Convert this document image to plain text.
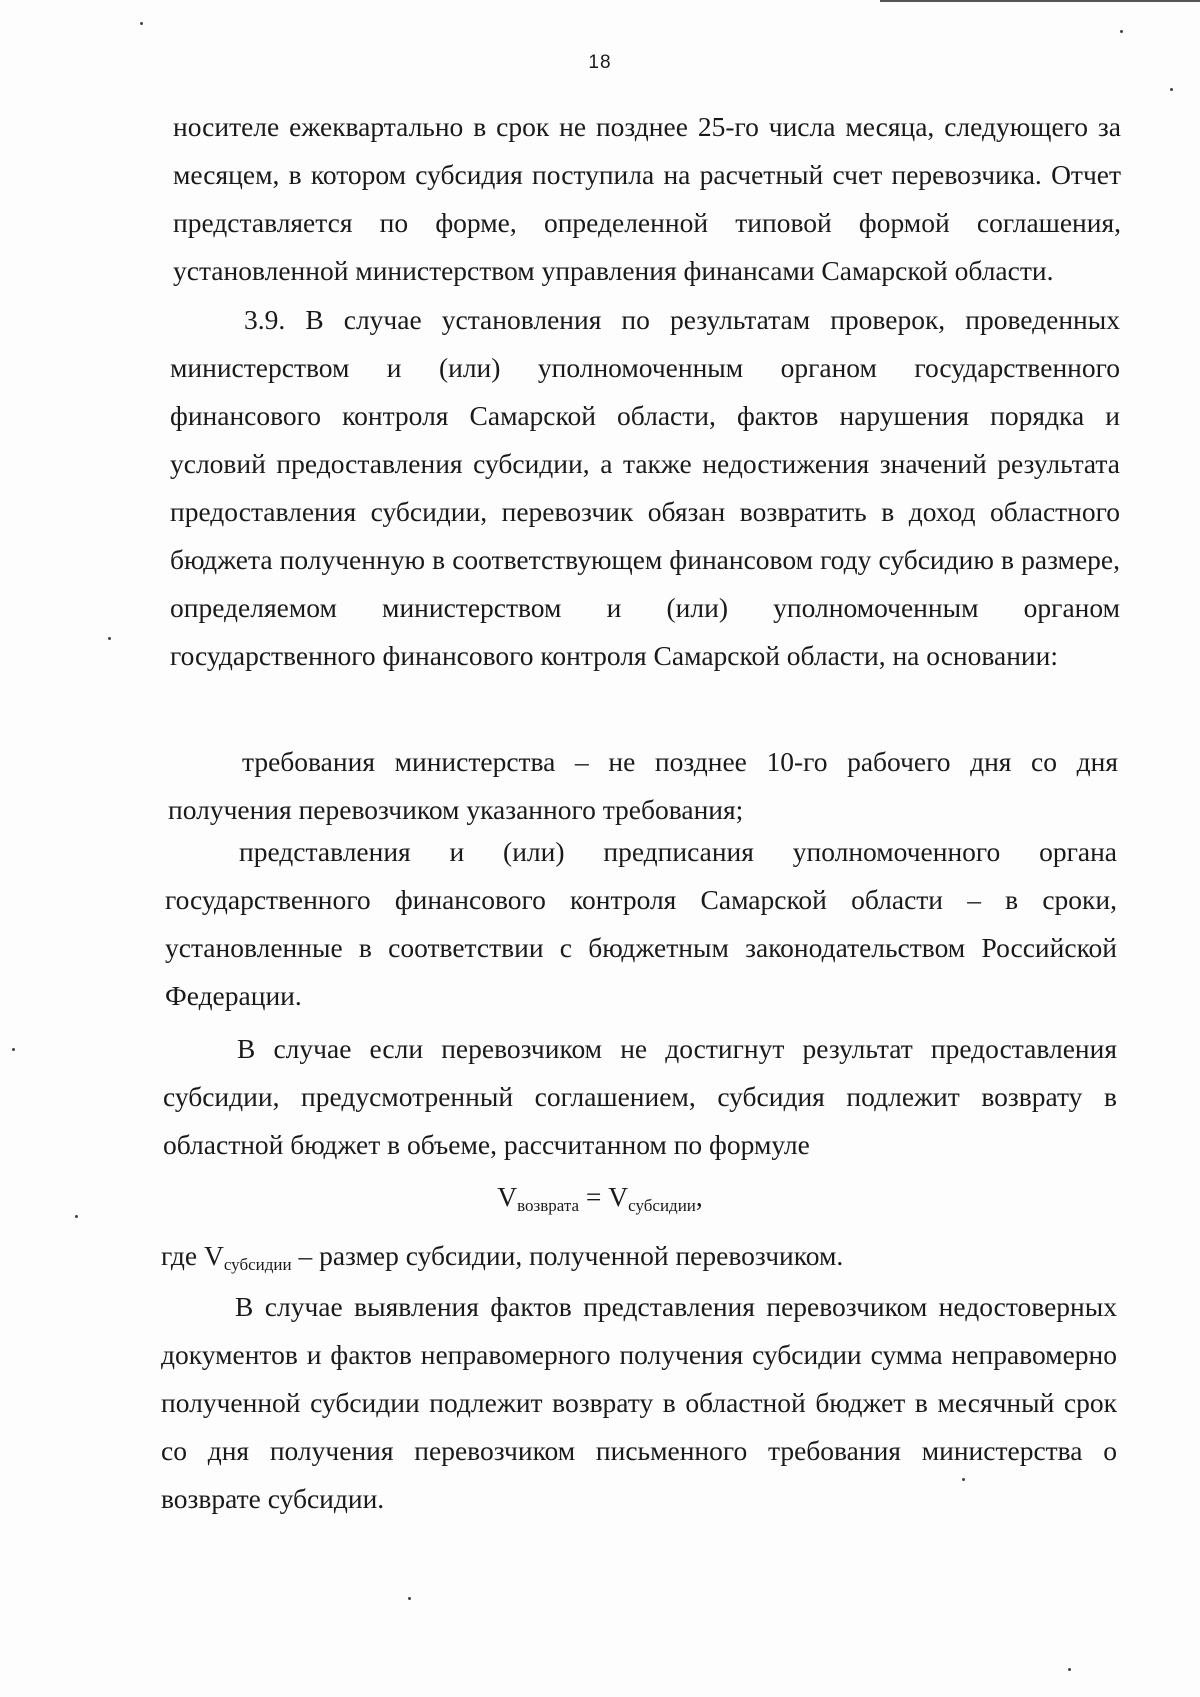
18

носителе ежеквартально в срок не позднее 25-го числа месяца, следующего за месяцем, в котором субсидия поступила на расчетный счет перевозчика. Отчет представляется по форме, определенной типовой формой соглашения, установленной министерством управления финансами Самарской области.

3.9. В случае установления по результатам проверок, проведенных министерством и (или) уполномоченным органом государственного финансового контроля Самарской области, фактов нарушения порядка и условий предоставления субсидии, а также недостижения значений результата предоставления субсидии, перевозчик обязан возвратить в доход областного бюджета полученную в соответствующем финансовом году субсидию в размере, определяемом министерством и (или) уполномоченным органом государственного финансового контроля Самарской области, на основании:

требования министерства – не позднее 10-го рабочего дня со дня получения перевозчиком указанного требования;

представления и (или) предписания уполномоченного органа государственного финансового контроля Самарской области – в сроки, установленные в соответствии с бюджетным законодательством Российской Федерации.

В случае если перевозчиком не достигнут результат предоставления субсидии, предусмотренный соглашением, субсидия подлежит возврату в областной бюджет в объеме, рассчитанном по формуле

$V_{возврата} = V_{субсидии}$,
где $V_{субсидии}$ – размер субсидии, полученной перевозчиком.

В случае выявления фактов представления перевозчиком недостоверных документов и фактов неправомерного получения субсидии сумма неправомерно полученной субсидии подлежит возврату в областной бюджет в месячный срок со дня получения перевозчиком письменного требования министерства о возврате субсидии.
